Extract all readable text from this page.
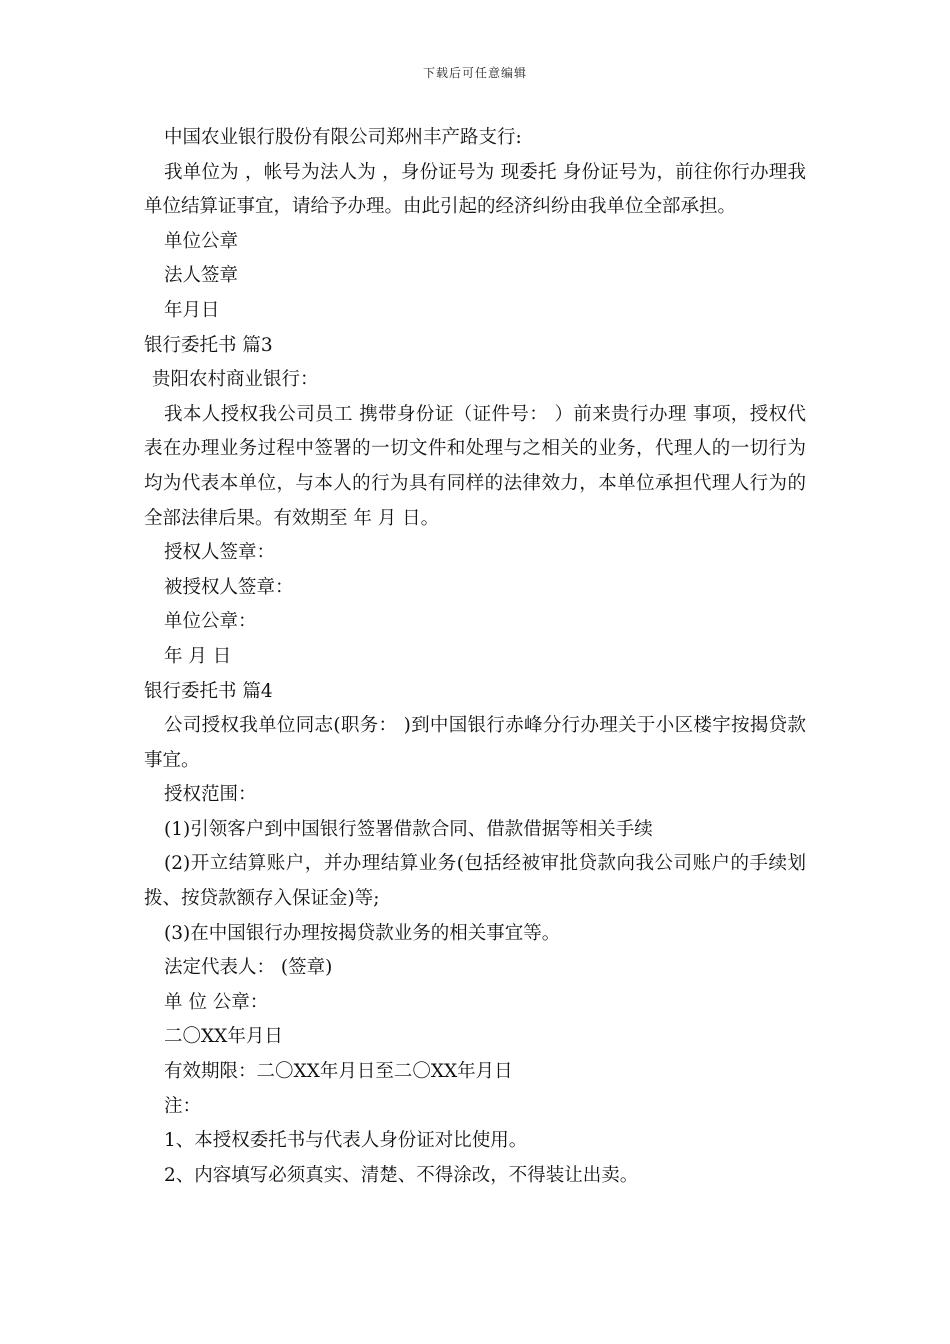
下载后可任意编辑
中国农业银行股份有限公司郑州丰产路支行:

我单位为 ，帐号为法人为 ，身份证号为 现委托 身份证号为，前往你行办理我单位结算证事宜，请给予办理。由此引起的经济纠纷由我单位全部承担。

单位公章
法人签章
年月日
银行委托书 篇3
贵阳农村商业银行：

我本人授权我公司员工 携带身份证（证件号： ）前来贵行办理 事项，授权代表在办理业务过程中签署的一切文件和处理与之相关的业务，代理人的一切行为均为代表本单位，与本人的行为具有同样的法律效力，本单位承担代理人行为的全部法律后果。有效期至 年 月 日。

授权人签章：
被授权人签章：
单位公章：
年 月 日
银行委托书 篇4

公司授权我单位同志(职务： )到中国银行赤峰分行办理关于小区楼宇按揭贷款事宜。

授权范围：
(1)引领客户到中国银行签署借款合同、借款借据等相关手续

(2)开立结算账户，并办理结算业务(包括经被审批贷款向我公司账户的手续划拨、按贷款额存入保证金)等;

(3)在中国银行办理按揭贷款业务的相关事宜等。
法定代表人： (签章)
单 位 公章：
二〇XX年月日
有效期限：二〇XX年月日至二〇XX年月日
注：
1、本授权委托书与代表人身份证对比使用。
2、内容填写必须真实、清楚、不得涂改，不得装让出卖。
